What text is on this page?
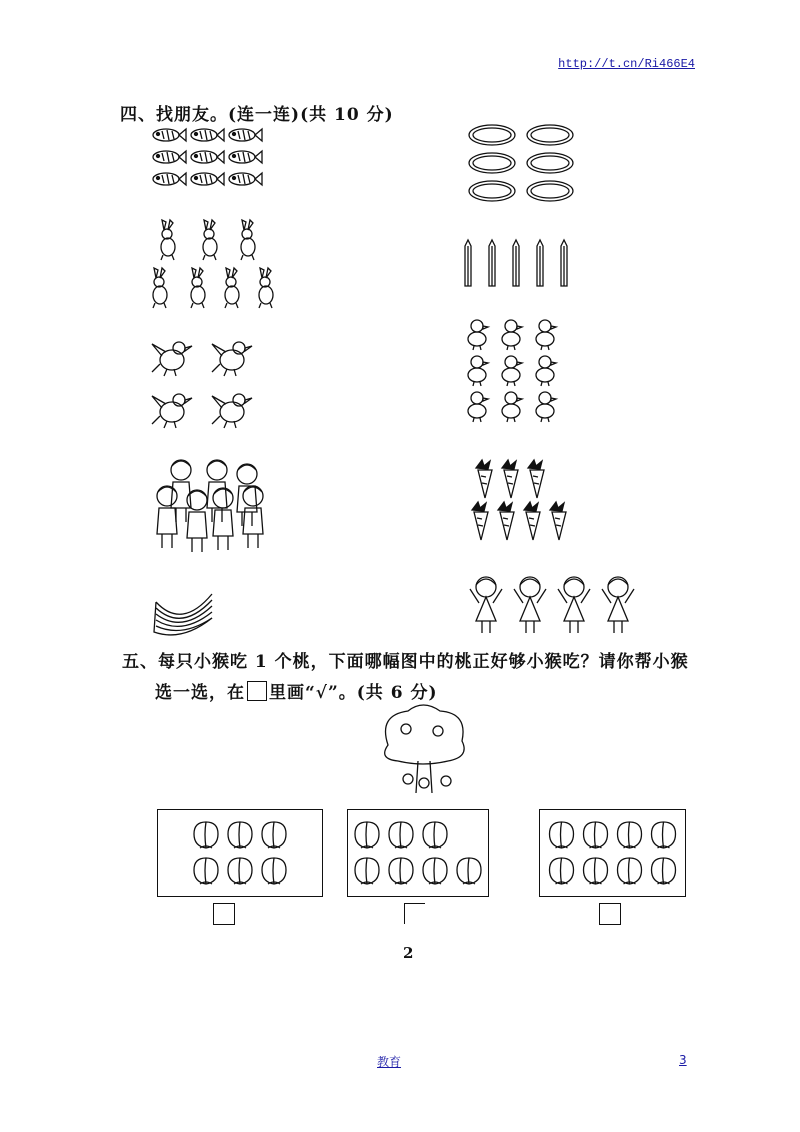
http://t.cn/Ri466E4
四、找朋友。(连一连)(共 10 分)
五、每只小猴吃 1 个桃，下面哪幅图中的桃正好够小猴吃？请你帮小猴
选一选，在 里画“√”。(共 6 分)
2
教育	3
